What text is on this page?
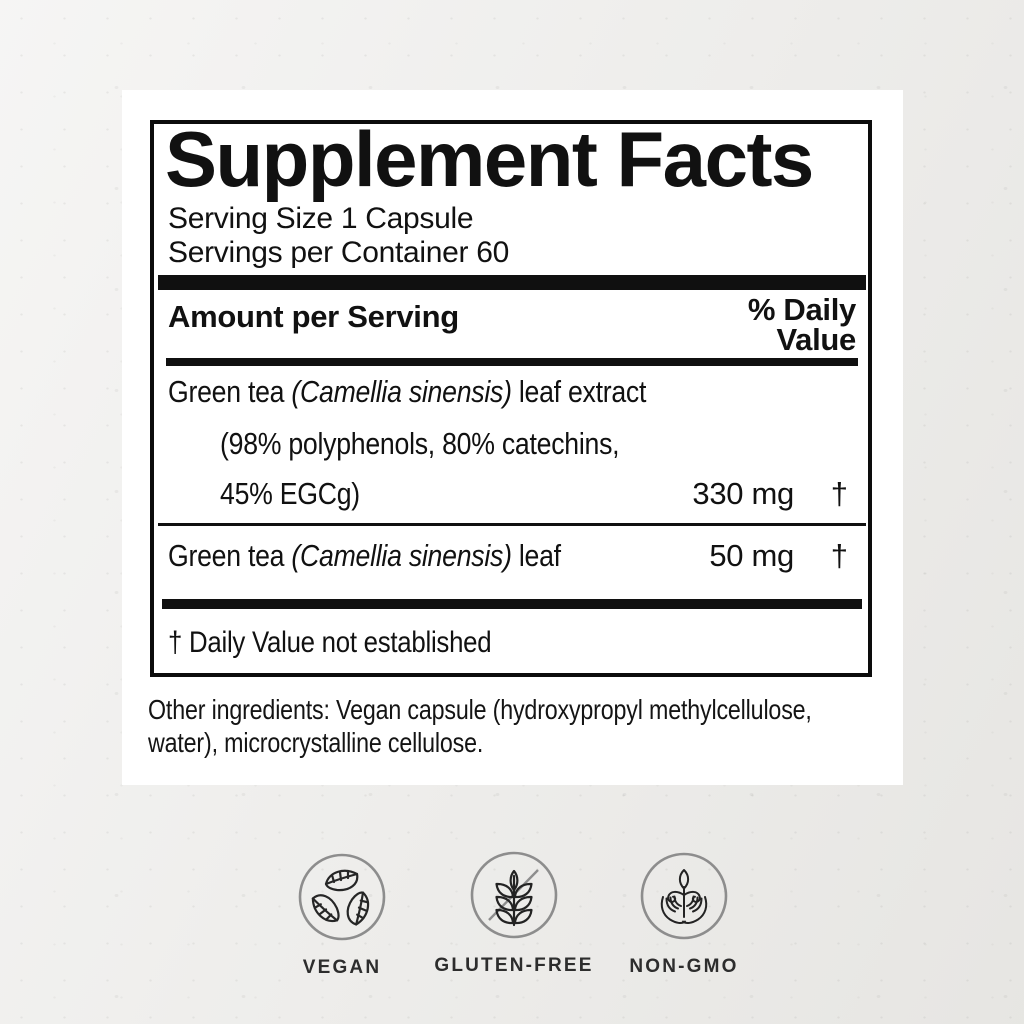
Supplement Facts
Serving Size 1 Capsule
Servings per Container 60
Amount per Serving	% Daily
Value
Green tea (Camellia sinensis) leaf extract
(98% polyphenols, 80% catechins,
45% EGCg)	330 mg	†
Green tea (Camellia sinensis) leaf	50 mg	†
† Daily Value not established
Other ingredients: Vegan capsule (hydroxypropyl methylcellulose,
water), microcrystalline cellulose.
VEGAN	GLUTEN-FREE	NON-GMO
